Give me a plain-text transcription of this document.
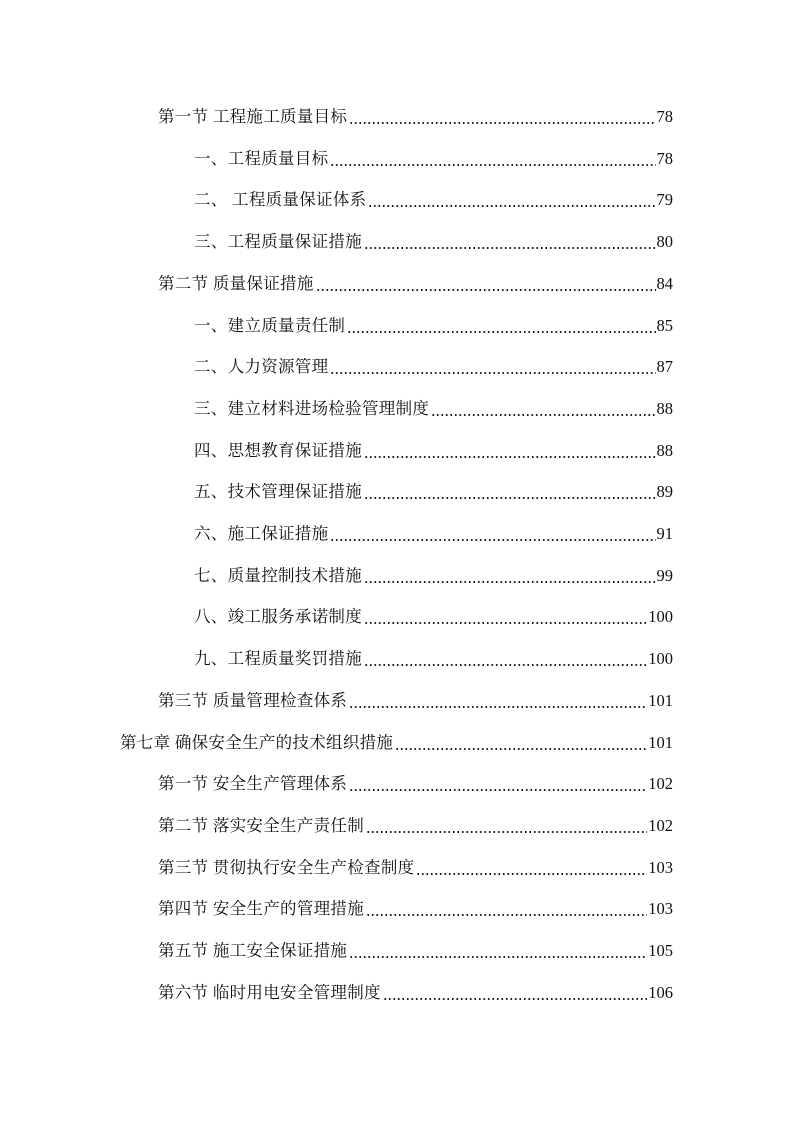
第一节 工程施工质量目标	78
一、工程质量目标	78
二、 工程质量保证体系	79
三、工程质量保证措施	80
第二节 质量保证措施	84
一、建立质量责任制	85
二、人力资源管理	87
三、建立材料进场检验管理制度	88
四、思想教育保证措施	88
五、技术管理保证措施	89
六、施工保证措施	91
七、质量控制技术措施	99
八、竣工服务承诺制度	100
九、工程质量奖罚措施	100
第三节 质量管理检查体系	101
第七章 确保安全生产的技术组织措施	101
第一节 安全生产管理体系	102
第二节 落实安全生产责任制	102
第三节 贯彻执行安全生产检查制度	103
第四节 安全生产的管理措施	103
第五节 施工安全保证措施	105
第六节 临时用电安全管理制度	106
